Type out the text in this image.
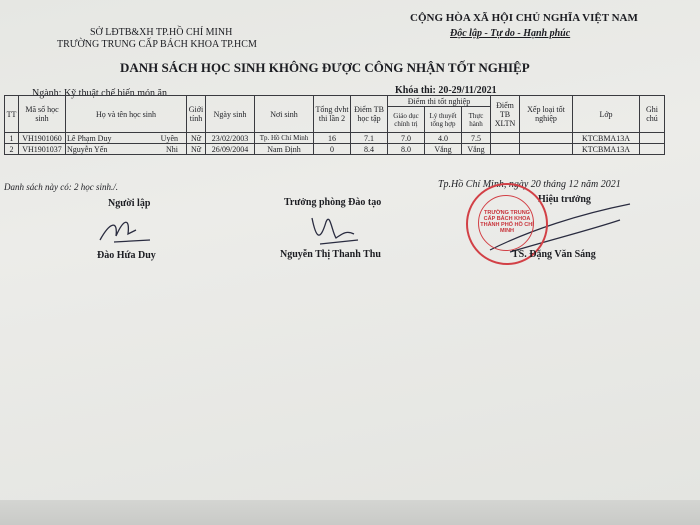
SỞ LĐTB&XH TP.HỒ CHÍ MINH
TRƯỜNG TRUNG CẤP BÁCH KHOA TP.HCM
CỘNG HÒA XÃ HỘI CHỦ NGHĨA VIỆT NAM
Độc lập - Tự do - Hạnh phúc
DANH SÁCH HỌC SINH KHÔNG ĐƯỢC CÔNG NHẬN TỐT NGHIỆP
Ngành: Kỹ thuật chế biến món ăn	Khóa thi: 20-29/11/2021
TT	Mã số học sinh	Họ và tên học sinh		Giới tính	Ngày sinh	Nơi sinh	Tổng dvht thi lần 2	Điểm TB học tập	Điểm thi tốt nghiệp			Điểm TB XLTN	Xếp loại tốt nghiệp	Lớp	Ghi chú
									Giáo dục chính trị	Lý thuyết tổng hợp	Thực hành				
1	VH1901060	Lê Phạm Duy	Uyên	Nữ	23/02/2003	Tp. Hồ Chí Minh	16	7.1	7.0	4.0	7.5			KTCBMA13A	
2	VH1901037	Nguyễn Yến	Nhi	Nữ	26/09/2004	Nam Định	0	8.4	8.0	Vắng	Vắng			KTCBMA13A	
Danh sách này có: 2 học sinh./.	Tp.Hồ Chí Minh, ngày 20 tháng 12 năm 2021
Người lập	Trưởng phòng Đào tạo	Hiệu trưởng
TRƯỜNG TRUNG CẤP BÁCH KHOA THÀNH PHỐ HỒ CHÍ MINH
Đào Hứa Duy	Nguyễn Thị Thanh Thu	TS. Đặng Văn Sáng
